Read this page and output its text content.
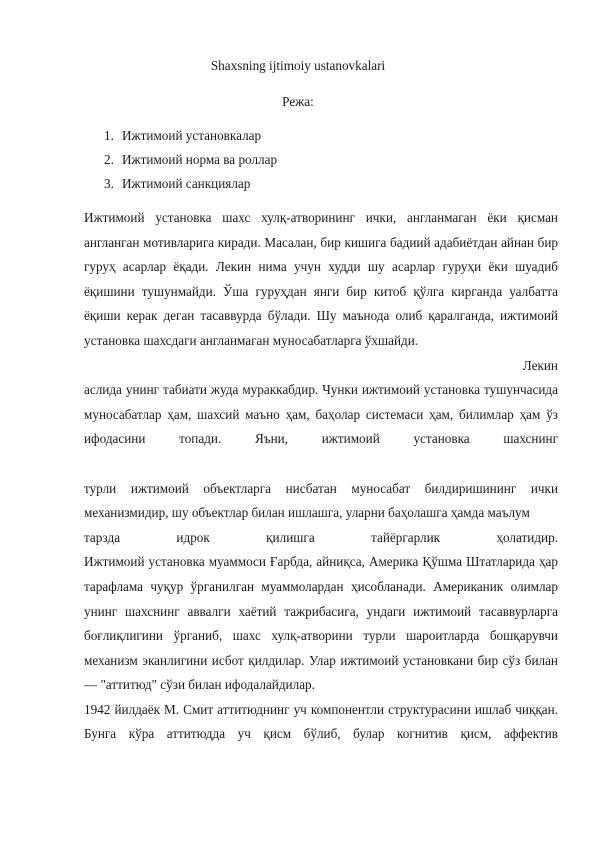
Shaxsning ijtimoiy ustanovkalari
Режа:
1. Ижтимоий установкалар
2. Ижтимоий норма ва роллар
3. Ижтимоий санкциялар

Ижтимоий установка шахс хулқ-атворининг ички, англанмаган ёки қисман англанган мотивларига киради. Масалан, бир кишига бадиий адабиётдан айнан бир гуруҳ асарлар ёқади. Лекин нима учун худди шу асарлар гуруҳи ёки шуадиб ёқишини тушунмайди. Ўша гуруҳдан янги бир китоб қўлга кирганда уалбатта ёқиши керак деган тасаввурда бўлади. Шу маънода олиб қаралганда, ижтимоий установка шахсдаги англанмаган муносабатларга ўхшайди.

Лекин

аслида унинг табиати жуда мураккабдир. Чунки ижтимоий установка тушунчасида муносабатлар ҳам, шахсий маъно ҳам, баҳолар системаси ҳам, билимлар ҳам ўз ифодасини топади. Яъни, ижтимоий установка шахснинг

турли ижтимоий объектларга нисбатан муносабат билдиришининг ички механизмидир, шу объектлар билан ишлашга, уларни баҳолашга ҳамда маълум

тарзда идрок қилишга тайёргарлик ҳолатидир.

Ижтимоий установка муаммоси Ғарбда, айниқса, Америка Қўшма Штатларида ҳар тарафлама чуқур ўрганилган муаммолардан ҳисобланади. Американик олимлар унинг шахснинг аввалги хаётий тажрибасига, ундаги ижтимоий тасаввурларга боғлиқлигини ўрганиб, шахс хулқ-атворини турли шароитларда бошқарувчи механизм эканлигини исбот қилдилар. Улар ижтимоий установкани бир сўз билан— "аттитюд" сўзи билан ифодалайдилар.

1942 йилдаёк М. Смит аттитюднинг уч компонентли структурасини ишлаб чиққан. Бунга кўра аттитюдда уч қисм бўлиб, булар когнитив қисм, аффектив
